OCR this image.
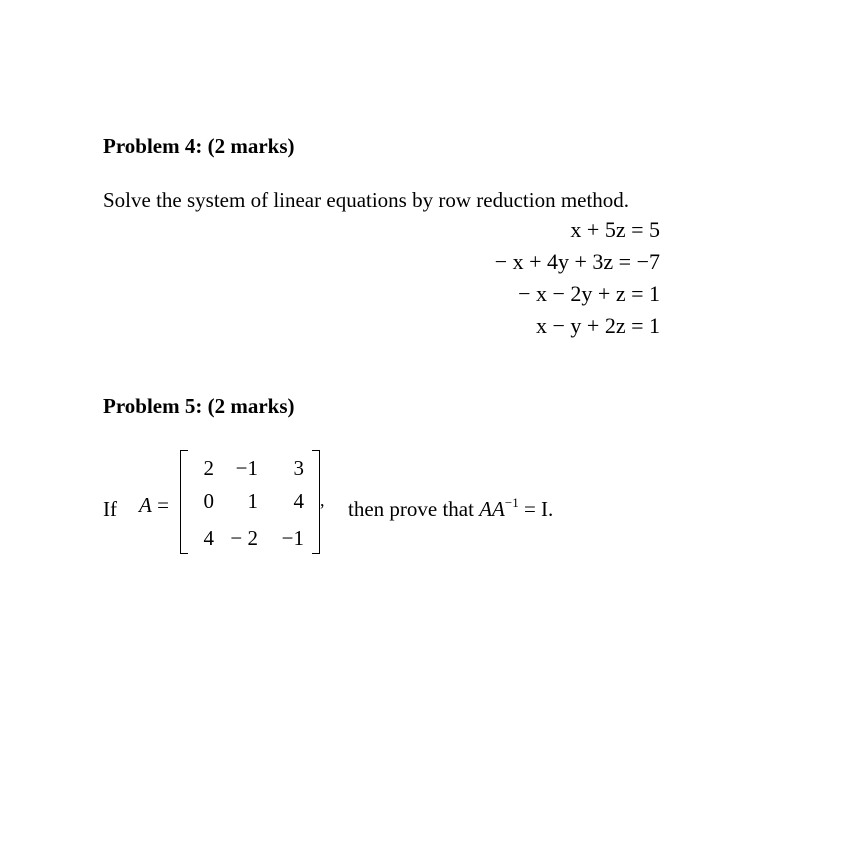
Problem 4: (2 marks)
Solve the system of linear equations by row reduction method.
x + 5z = 5
− x + 4y + 3z = −7
− x − 2y + z = 1
x − y + 2z = 1
Problem 5: (2 marks)
If A =
2	−1	3
0	1	4
4 − 2	−1
, then prove that $AA^{-1} = I$.
